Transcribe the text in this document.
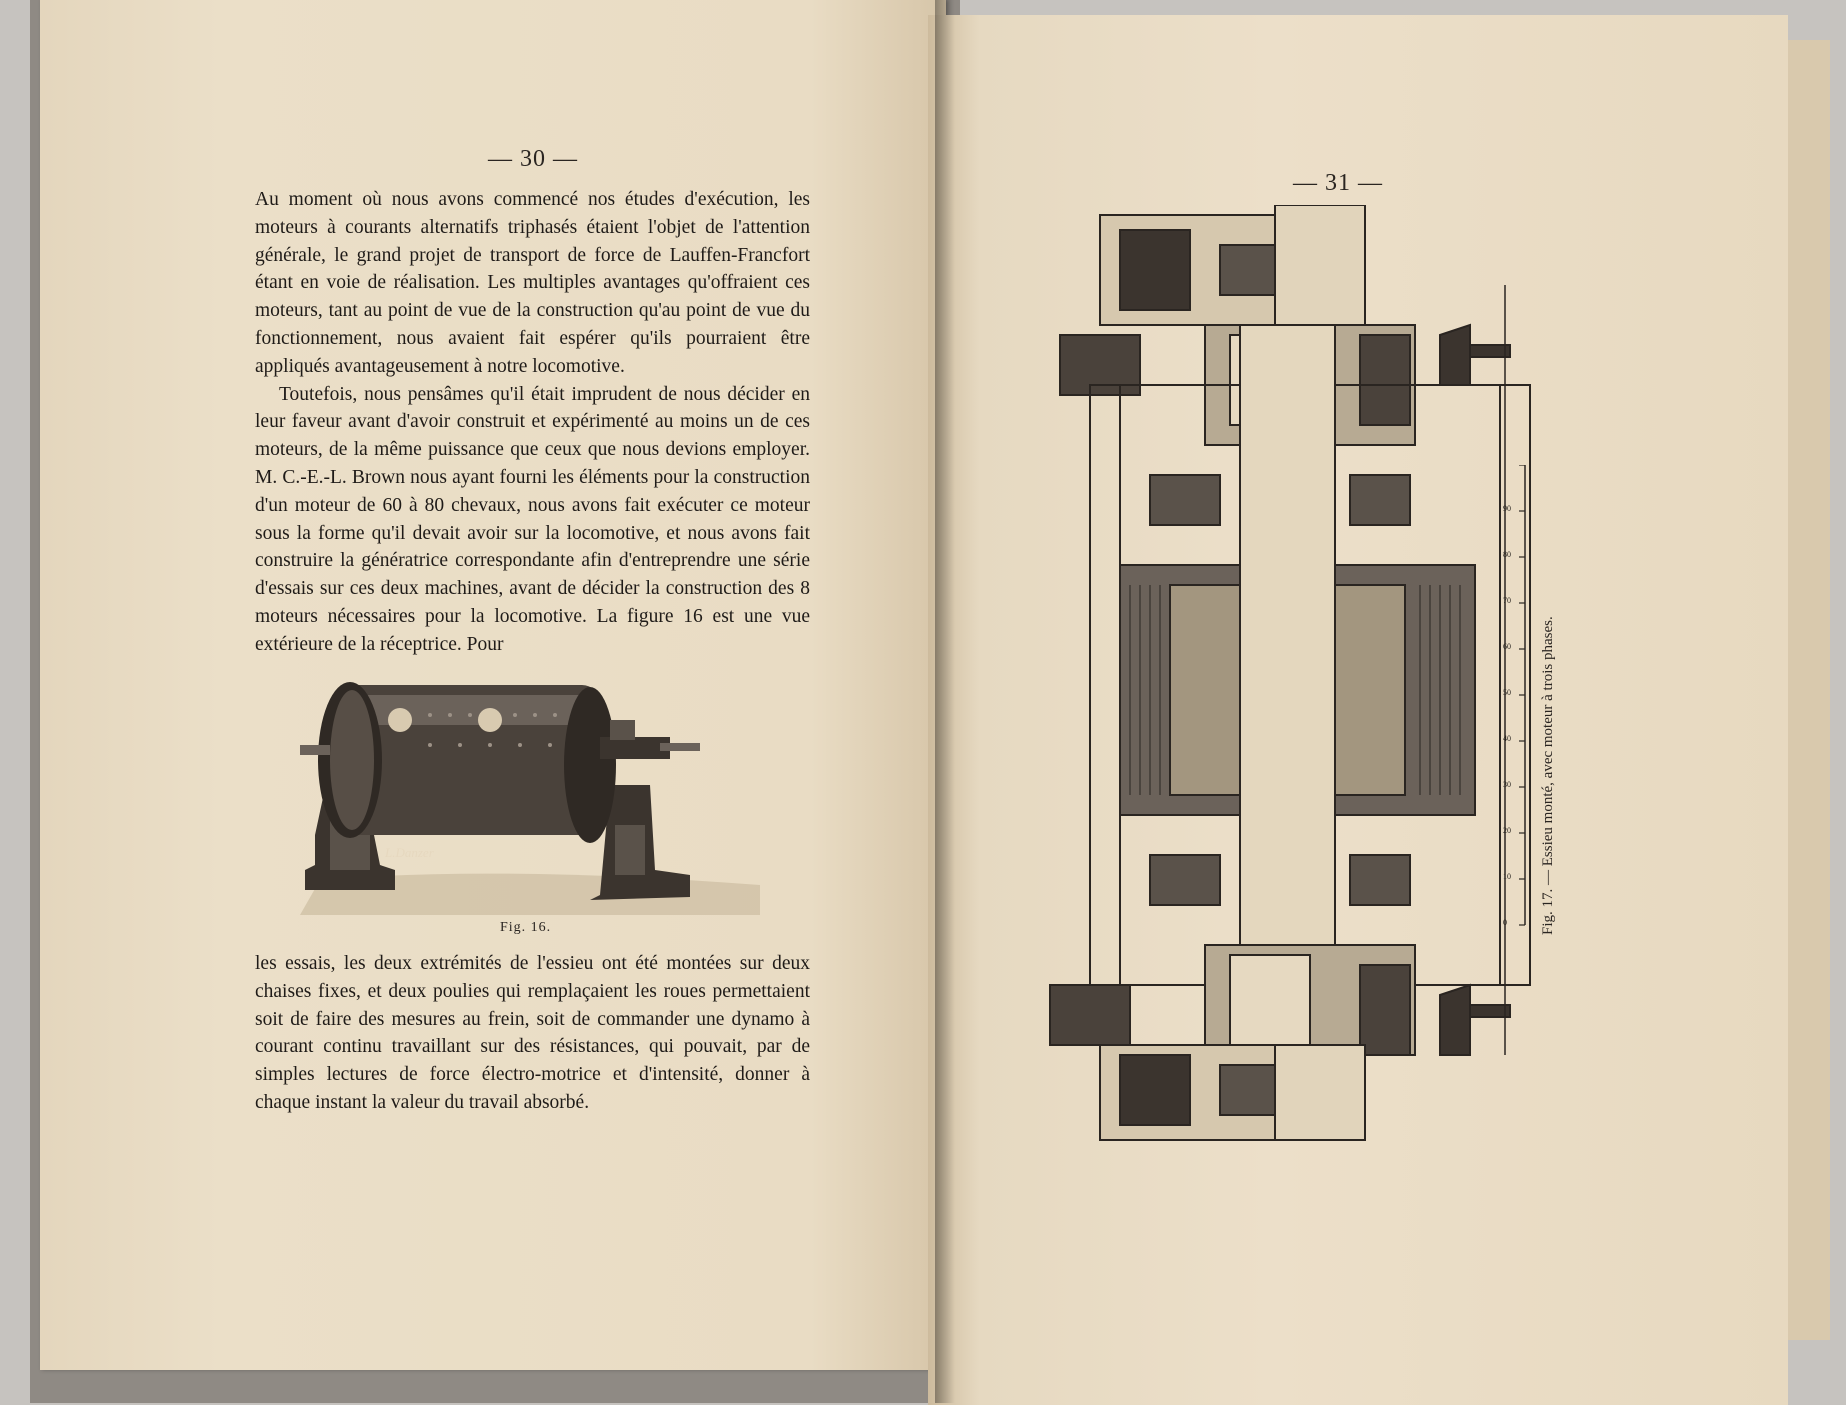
— 30 —

Au moment où nous avons commencé nos études d'exécution, les moteurs à courants alternatifs triphasés étaient l'objet de l'attention générale, le grand projet de transport de force de Lauffen-Francfort étant en voie de réalisation. Les multiples avantages qu'offraient ces moteurs, tant au point de vue de la construction qu'au point de vue du fonctionnement, nous avaient fait espérer qu'ils pourraient être appliqués avantageusement à notre locomotive.

Toutefois, nous pensâmes qu'il était imprudent de nous décider en leur faveur avant d'avoir construit et expérimenté au moins un de ces moteurs, de la même puissance que ceux que nous devions employer. M. C.-E.-L. Brown nous ayant fourni les éléments pour la construction d'un moteur de 60 à 80 chevaux, nous avons fait exécuter ce moteur sous la forme qu'il devait avoir sur la locomotive, et nous avons fait construire la génératrice correspondante afin d'entreprendre une série d'essais sur ces deux machines, avant de décider la construction des 8 moteurs nécessaires pour la locomotive. La figure 16 est une vue extérieure de la réceptrice. Pour

L.Danzer
Fig. 16.

les essais, les deux extrémités de l'essieu ont été montées sur deux chaises fixes, et deux poulies qui remplaçaient les roues permettaient soit de faire des mesures au frein, soit de commander une dynamo à courant continu travaillant sur des résistances, qui pouvait, par de simples lectures de force électro-motrice et d'intensité, donner à chaque instant la valeur du travail absorbé.

— 31 —
0
10
20
30
40
50
60
70
80
90
Fig. 17. — Essieu monté, avec moteur à trois phases.
